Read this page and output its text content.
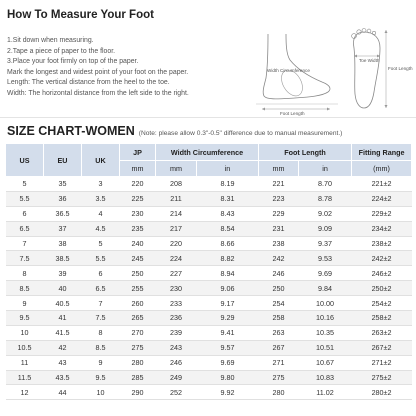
How To Measure Your Foot
1.Sit down when measuring.
2.Tape a piece of paper to the floor.
3.Place your foot firmly on top of the paper.
Mark the longest and widest point of your foot on the paper.
Length: The vertical distance from the heel to the toe.
Width: The horizontal distance from the left side to the right.
Width Circumference
Foot Length
Toe Width
Foot Length
SIZE CHART-WOMEN (Note: please allow 0.3"-0.5" difference due to manual measurement.)
US	EU	UK	JP	Width Circumference		Foot Length		Fitting Range
			mm	mm	in	mm	in	(mm)
5	35	3	220	208	8.19	221	8.70	221±2
5.5	36	3.5	225	211	8.31	223	8.78	224±2
6	36.5	4	230	214	8.43	229	9.02	229±2
6.5	37	4.5	235	217	8.54	231	9.09	234±2
7	38	5	240	220	8.66	238	9.37	238±2
7.5	38.5	5.5	245	224	8.82	242	9.53	242±2
8	39	6	250	227	8.94	246	9.69	246±2
8.5	40	6.5	255	230	9.06	250	9.84	250±2
9	40.5	7	260	233	9.17	254	10.00	254±2
9.5	41	7.5	265	236	9.29	258	10.16	258±2
10	41.5	8	270	239	9.41	263	10.35	263±2
10.5	42	8.5	275	243	9.57	267	10.51	267±2
11	43	9	280	246	9.69	271	10.67	271±2
11.5	43.5	9.5	285	249	9.80	275	10.83	275±2
12	44	10	290	252	9.92	280	11.02	280±2
